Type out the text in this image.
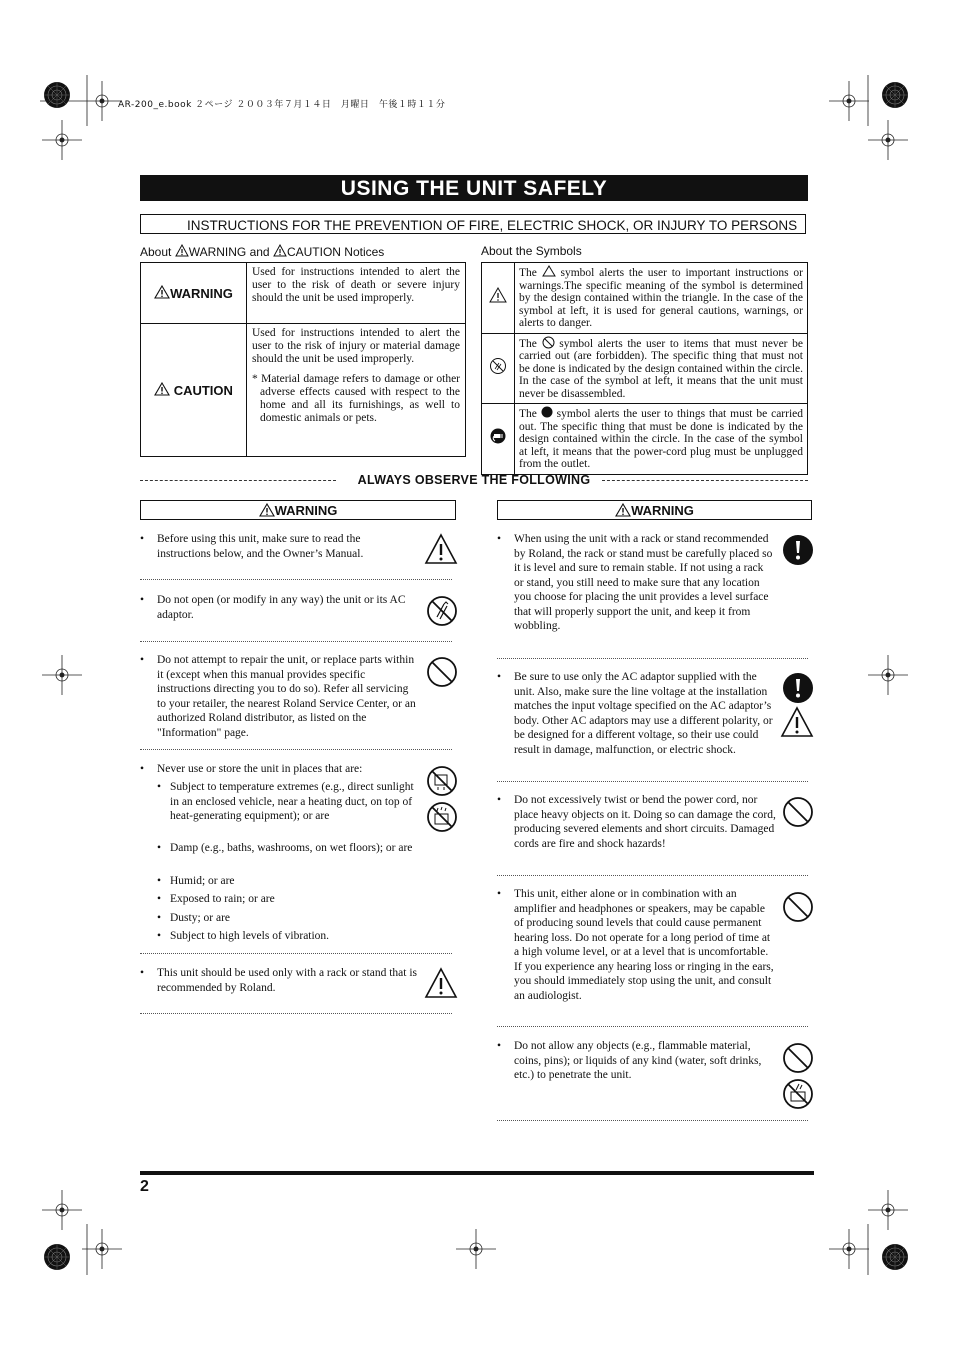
AR-200_e.book ２ページ ２００３年７月１４日　月曜日　午後１時１１分
USING THE UNIT SAFELY
INSTRUCTIONS FOR THE PREVENTION OF FIRE, ELECTRIC SHOCK, OR INJURY TO PERSONS
About WARNING and CAUTION Notices
WARNING	Used for instructions intended to alert the user to the risk of death or severe injury should the unit be used improperly.
CAUTION	Used for instructions intended to alert the user to the risk of injury or material damage should the unit be used improperly.
* Material damage refers to damage or other adverse effects caused with respect to the home and all its furnishings, as well to domestic animals or pets.
About the Symbols
	The symbol alerts the user to important instructions or warnings.The specific meaning of the symbol is determined by the design contained within the triangle. In the case of the symbol at left, it is used for general cautions, warnings, or alerts to danger.
	The symbol alerts the user to items that must never be carried out (are forbidden). The specific thing that must not be done is indicated by the design contained within the circle. In the case of the symbol at left, it means that the unit must never be disassembled.
	The symbol alerts the user to things that must be carried out. The specific thing that must be done is indicated by the design contained within the circle. In the case of the symbol at left, it means that the power-cord plug must be unplugged from the outlet.
ALWAYS OBSERVE THE FOLLOWING
WARNING	WARNING
• Before using this unit, make sure to read the instructions below, and the Owner’s Manual.
• Do not open (or modify in any way) the unit or its AC adaptor.
• Do not attempt to repair the unit, or replace parts within it (except when this manual provides specific instructions directing you to do so). Refer all servicing to your retailer, the nearest Roland Service Center, or an authorized Roland distributor, as listed on the "Information" page.
• Never use or store the unit in places that are:
• Subject to temperature extremes (e.g., direct sunlight in an enclosed vehicle, near a heating duct, on top of heat-generating equipment); or are
• Damp (e.g., baths, washrooms, on wet floors); or are
• Humid; or are
• Exposed to rain; or are
• Dusty; or are
• Subject to high levels of vibration.
• This unit should be used only with a rack or stand that is recommended by Roland.
• When using the unit with a rack or stand recommended by Roland, the rack or stand must be carefully placed so it is level and sure to remain stable. If not using a rack or stand, you still need to make sure that any location you choose for placing the unit provides a level surface that will properly support the unit, and keep it from wobbling.
• Be sure to use only the AC adaptor supplied with the unit. Also, make sure the line voltage at the installation matches the input voltage specified on the AC adaptor’s body. Other AC adaptors may use a different polarity, or be designed for a different voltage, so their use could result in damage, malfunction, or electric shock.
• Do not excessively twist or bend the power cord, nor place heavy objects on it. Doing so can damage the cord, producing severed elements and short circuits. Damaged cords are fire and shock hazards!
• This unit, either alone or in combination with an amplifier and headphones or speakers, may be capable of producing sound levels that could cause permanent hearing loss. Do not operate for a long period of time at a high volume level, or at a level that is uncomfortable. If you experience any hearing loss or ringing in the ears, you should immediately stop using the unit, and consult an audiologist.
• Do not allow any objects (e.g., flammable material, coins, pins); or liquids of any kind (water, soft drinks, etc.) to penetrate the unit.
2
